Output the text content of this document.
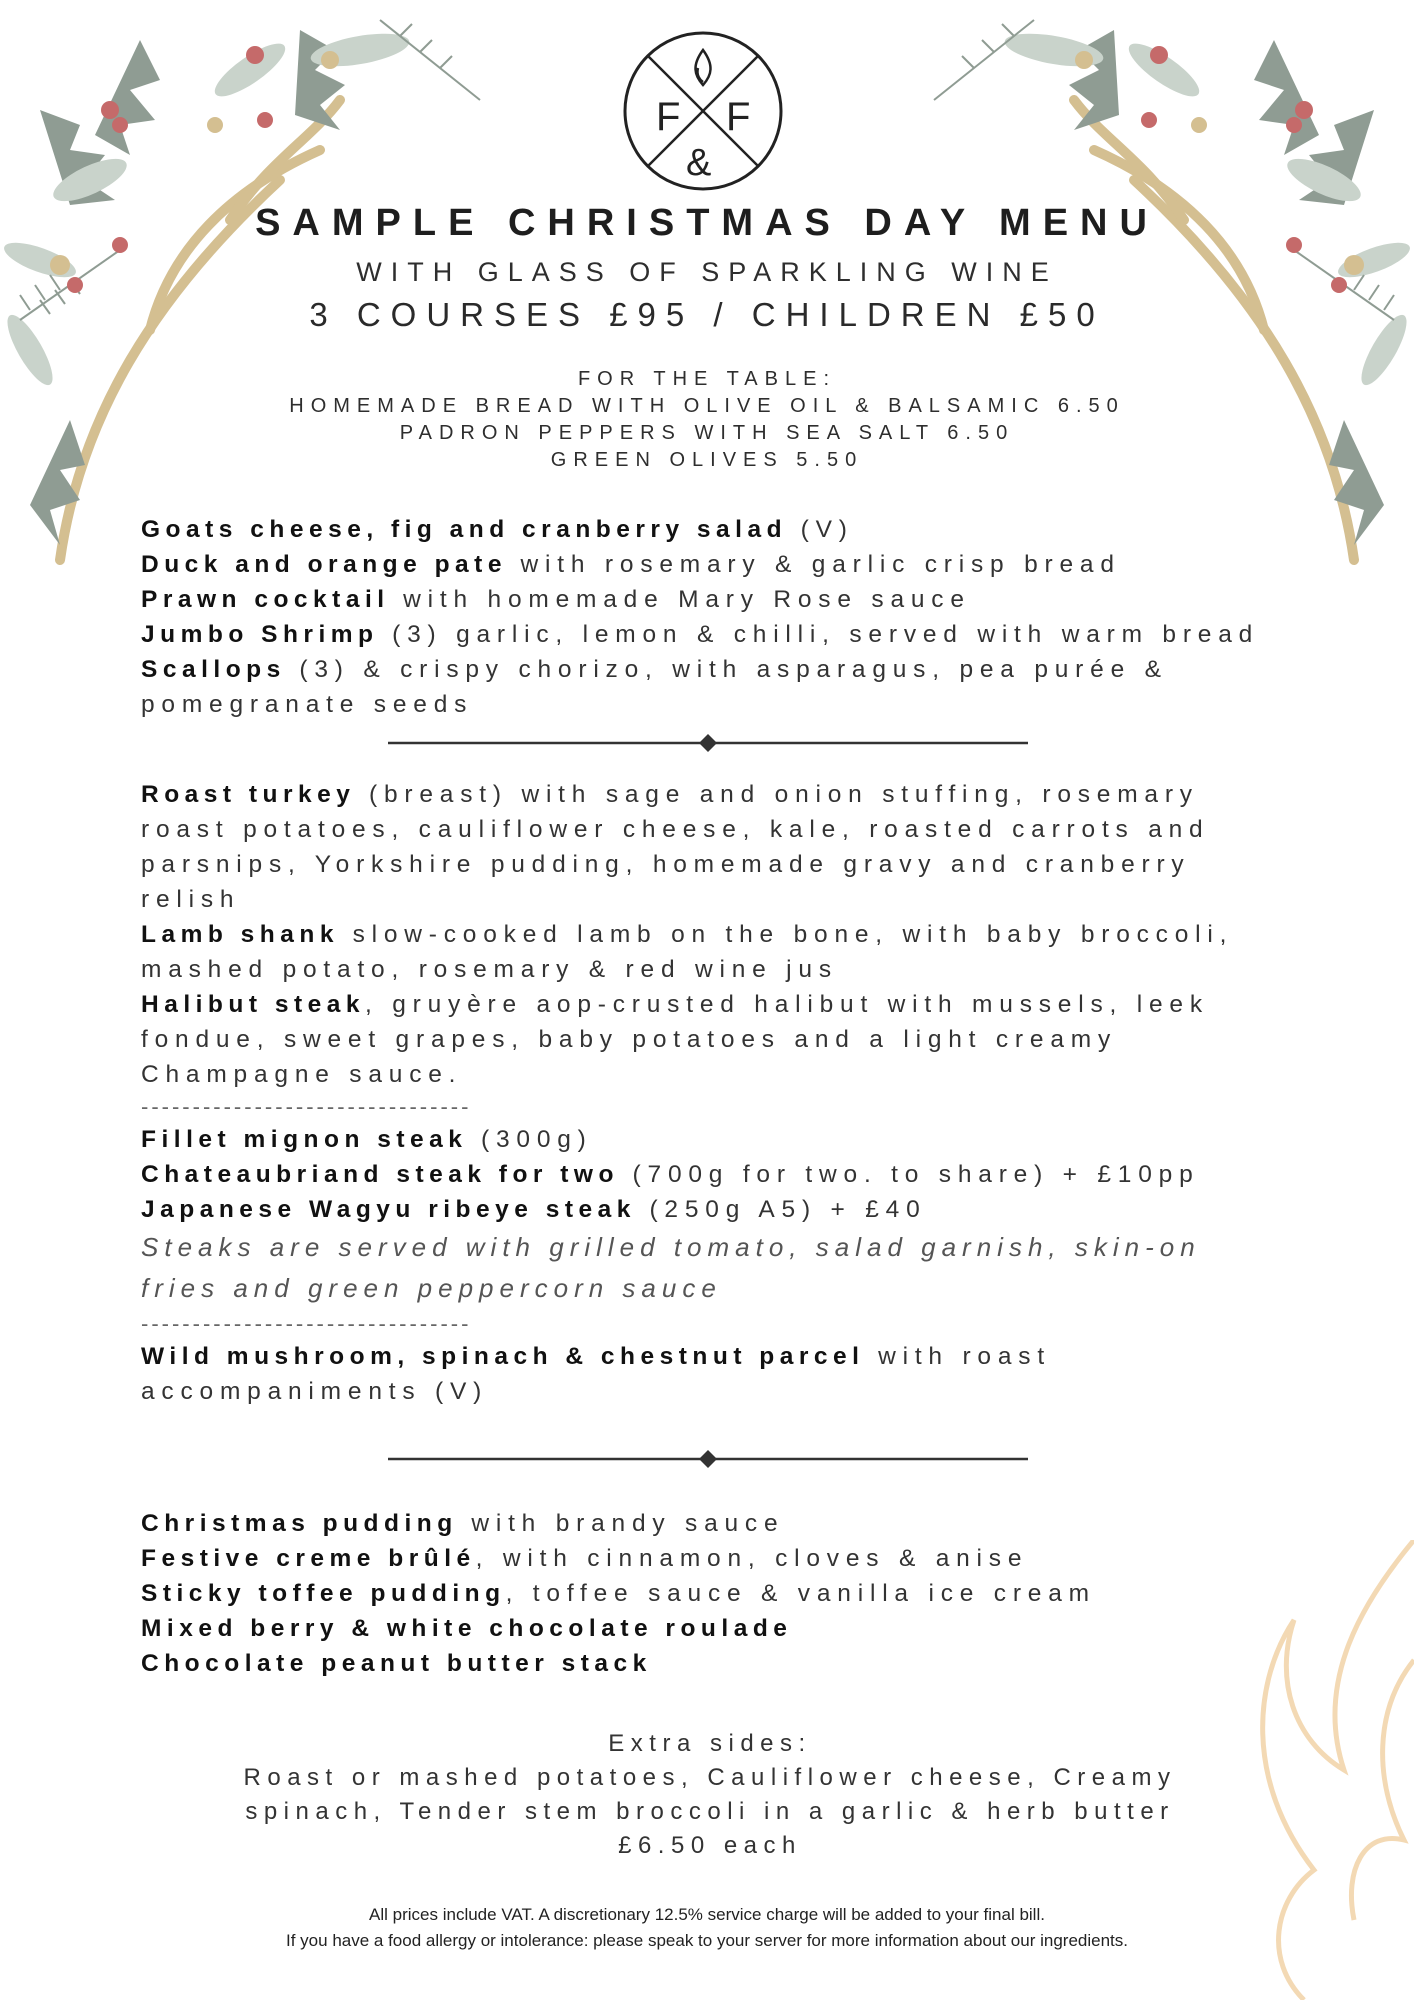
F F
&
SAMPLE CHRISTMAS DAY MENU
WITH GLASS OF SPARKLING WINE
3 COURSES £95 / CHILDREN £50
FOR THE TABLE:
HOMEMADE BREAD WITH OLIVE OIL & BALSAMIC 6.50
PADRON PEPPERS WITH SEA SALT 6.50
GREEN OLIVES 5.50

Goats cheese, fig and cranberry salad (V)

Duck and orange pate with rosemary & garlic crisp bread

Prawn cocktail with homemade Mary Rose sauce

Jumbo Shrimp (3) garlic, lemon & chilli, served with warm bread

Scallops (3) & crispy chorizo, with asparagus, pea purée & pomegranate seeds

Roast turkey (breast) with sage and onion stuffing, rosemary roast potatoes, cauliflower cheese, kale, roasted carrots and parsnips, Yorkshire pudding, homemade gravy and cranberry relish

Lamb shank slow-cooked lamb on the bone, with baby broccoli, mashed potato, rosemary & red wine jus

Halibut steak, gruyère aop-crusted halibut with mussels, leek fondue, sweet grapes, baby potatoes and a light creamy Champagne sauce.

--------------------------------

Fillet mignon steak (300g)

Chateaubriand steak for two (700g for two. to share) + £10pp

Japanese Wagyu ribeye steak (250g A5) + £40

Steaks are served with grilled tomato, salad garnish, skin-on fries and green peppercorn sauce

--------------------------------

Wild mushroom, spinach & chestnut parcel with roast accompaniments (V)

Christmas pudding with brandy sauce

Festive creme brûlé, with cinnamon, cloves & anise

Sticky toffee pudding, toffee sauce & vanilla ice cream

Mixed berry & white chocolate roulade

Chocolate peanut butter stack

Extra sides:

Roast or mashed potatoes, Cauliflower cheese, Creamy

spinach, Tender stem broccoli in a garlic & herb butter

£6.50 each

All prices include VAT. A discretionary 12.5% service charge will be added to your final bill.

If you have a food allergy or intolerance: please speak to your server for more information about our ingredients.
